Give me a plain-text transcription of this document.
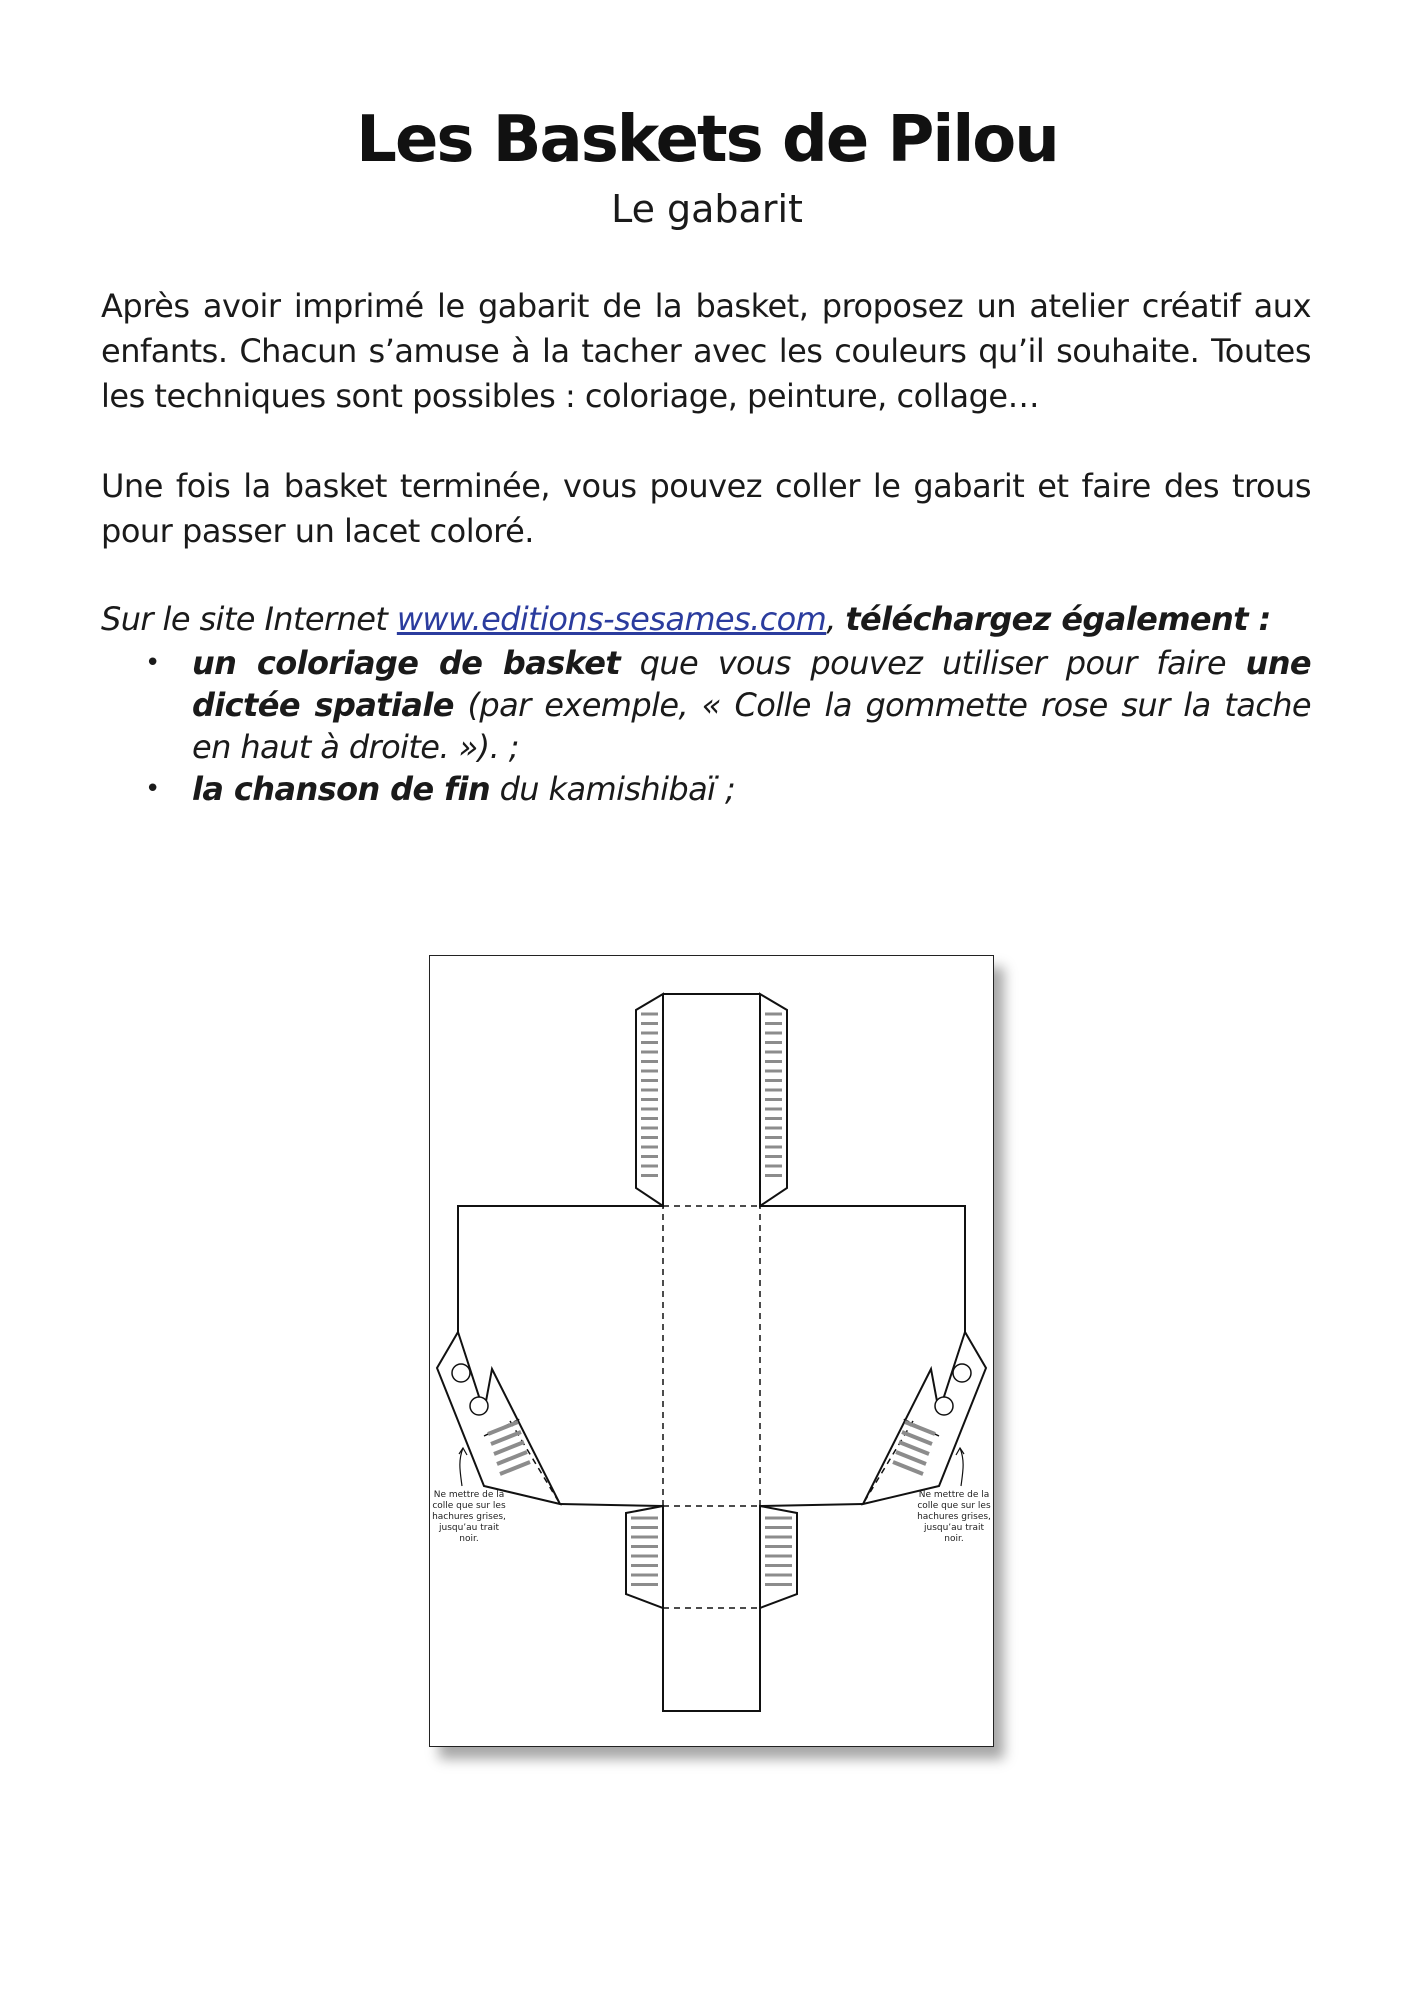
Les Baskets de Pilou
Le gabarit

Après avoir imprimé le gabarit de la basket, proposez un atelier créatif aux enfants. Chacun s’amuse à la tacher avec les couleurs qu’il souhaite. Toutes les techniques sont possibles : coloriage, peinture, collage…

Une fois la basket terminée, vous pouvez coller le gabarit et faire des trous pour passer un lacet coloré.

Sur le site Internet www.editions-sesames.com, téléchargez également :
• un coloriage de basket que vous pouvez utiliser pour faire une dictée spatiale (par exemple, « Colle la gommette rose sur la tache en haut à droite. »). ;
• la chanson de fin du kamishibaï ;
Ne mettre de la colle que sur les hachures grises, jusqu’au trait noir.
Ne mettre de la colle que sur les hachures grises, jusqu’au trait noir.
